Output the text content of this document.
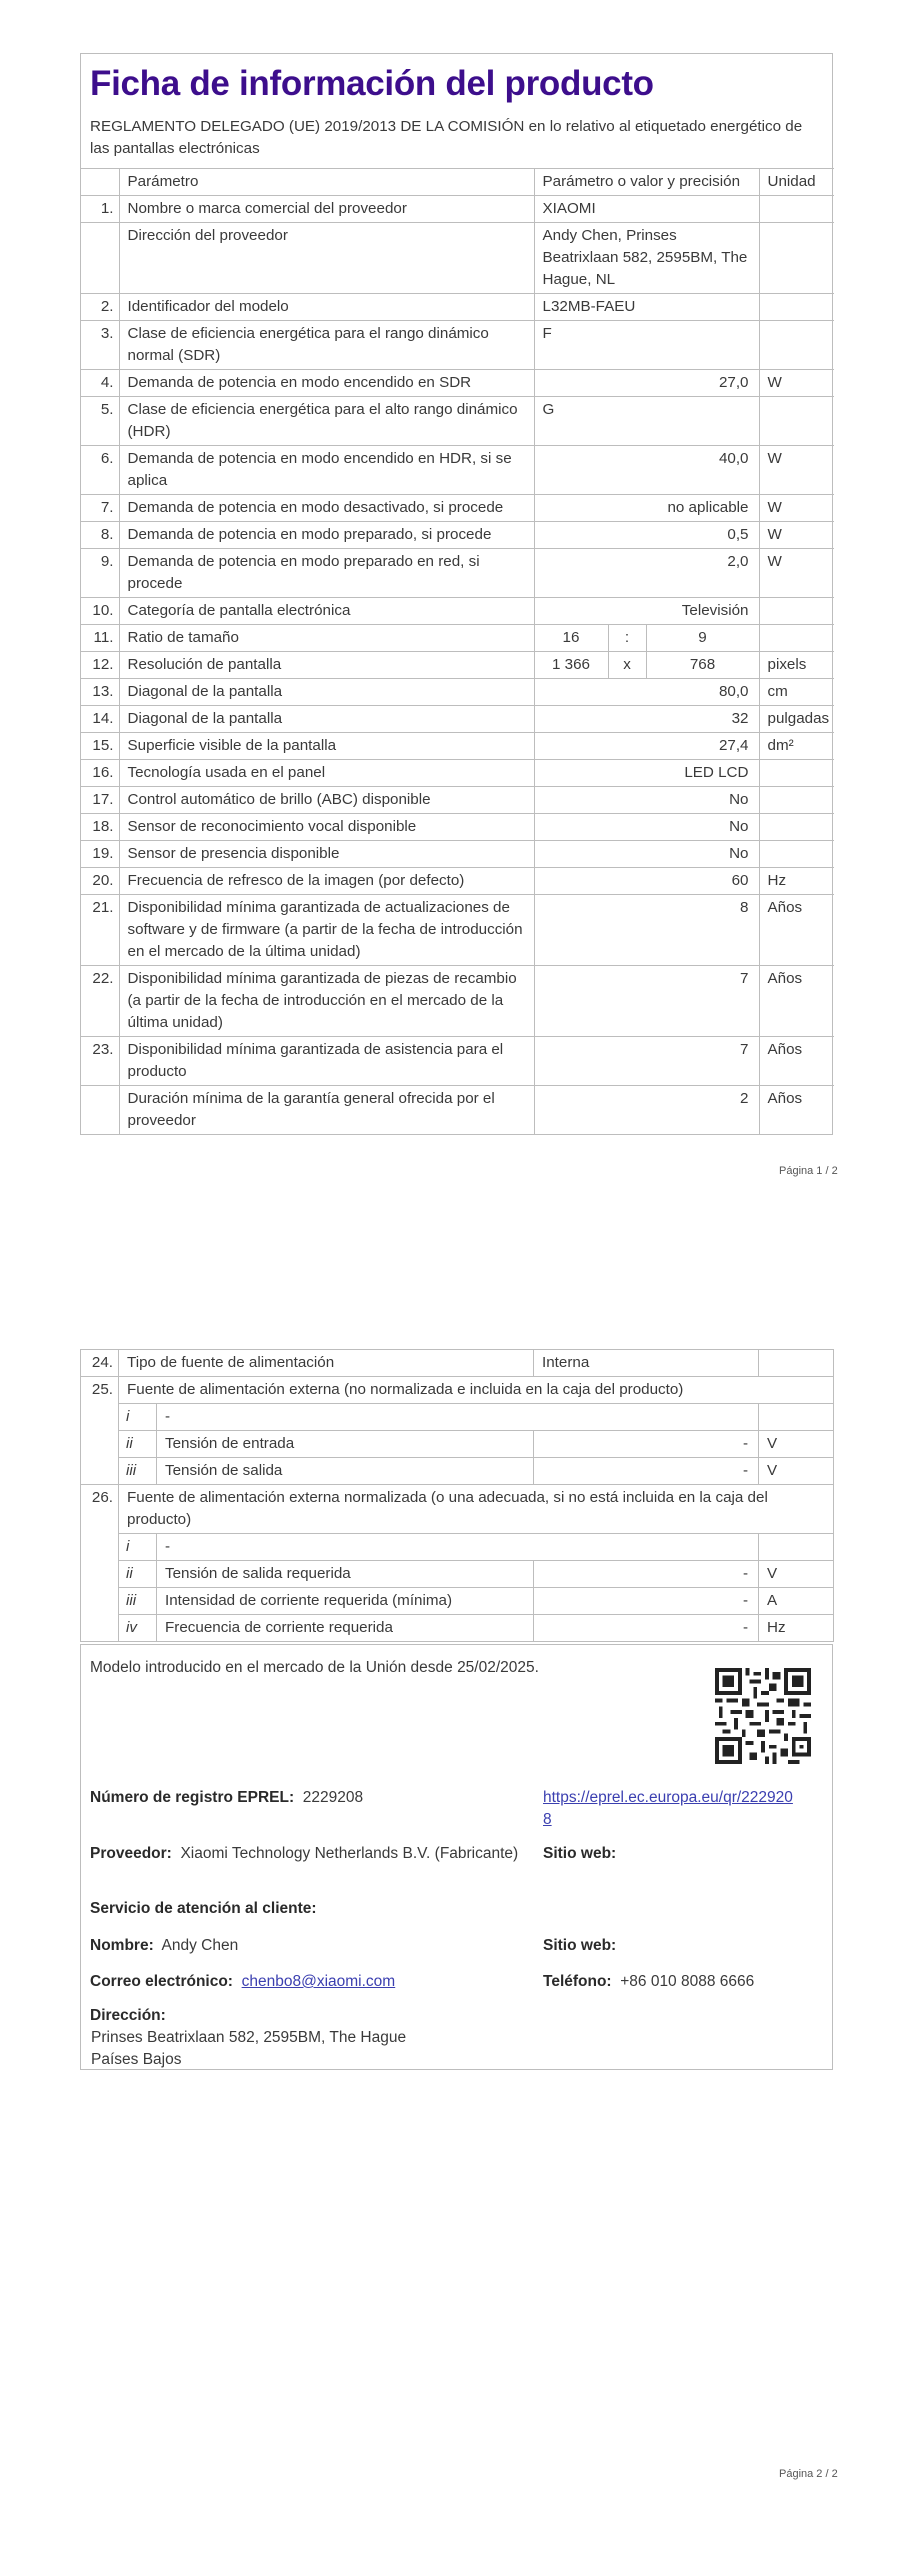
Ficha de información del producto
REGLAMENTO DELEGADO (UE) 2019/2013 DE LA COMISIÓN en lo relativo al etiquetado energético de las pantallas electrónicas
	Parámetro	Parámetro o valor y precisión			Unidad
1.	Nombre o marca comercial del proveedor	XIAOMI			
	Dirección del proveedor	Andy Chen, Prinses Beatrixlaan 582, 2595BM, The Hague, NL			
2.	Identificador del modelo	L32MB-FAEU			
3.	Clase de eficiencia energética para el rango dinámico normal (SDR)	F			
4.	Demanda de potencia en modo encendido en SDR	27,0			W
5.	Clase de eficiencia energética para el alto rango dinámico (HDR)	G			
6.	Demanda de potencia en modo encendido en HDR, si se aplica	40,0			W
7.	Demanda de potencia en modo desactivado, si procede	no aplicable			W
8.	Demanda de potencia en modo preparado, si procede	0,5			W
9.	Demanda de potencia en modo preparado en red, si procede	2,0			W
10.	Categoría de pantalla electrónica	Televisión			
11.	Ratio de tamaño	16	:	9	
12.	Resolución de pantalla	1 366	x	768	pixels
13.	Diagonal de la pantalla	80,0			cm
14.	Diagonal de la pantalla	32			pulgadas
15.	Superficie visible de la pantalla	27,4			dm²
16.	Tecnología usada en el panel	LED LCD			
17.	Control automático de brillo (ABC) disponible	No			
18.	Sensor de reconocimiento vocal disponible	No			
19.	Sensor de presencia disponible	No			
20.	Frecuencia de refresco de la imagen (por defecto)	60			Hz
21.	Disponibilidad mínima garantizada de actualizaciones de software y de firmware (a partir de la fecha de introducción en el mercado de la última unidad)	8			Años
22.	Disponibilidad mínima garantizada de piezas de recambio (a partir de la fecha de introducción en el mercado de la última unidad)	7			Años
23.	Disponibilidad mínima garantizada de asistencia para el producto	7			Años
	Duración mínima de la garantía general ofrecida por el proveedor	2			Años
Página 1 / 2
24.	Tipo de fuente de alimentación		Interna	
25.	Fuente de alimentación externa (no normalizada e incluida en la caja del producto)			
	i	-		
	ii	Tensión de entrada	-	V
	iii	Tensión de salida	-	V
26.	Fuente de alimentación externa normalizada (o una adecuada, si no está incluida en la caja del producto)			
	i	-		
	ii	Tensión de salida requerida	-	V
	iii	Intensidad de corriente requerida (mínima)	-	A
	iv	Frecuencia de corriente requerida	-	Hz
Modelo introducido en el mercado de la Unión desde 25/02/2025.
Número de registro EPREL: 2229208	https://eprel.ec.europa.eu/qr/2229208
Proveedor: Xiaomi Technology Netherlands B.V. (Fabricante)	Sitio web:
Servicio de atención al cliente:
Nombre: Andy Chen	Sitio web:
Correo electrónico: chenbo8@xiaomi.com	Teléfono: +86 010 8088 6666
Dirección:
Prinses Beatrixlaan 582, 2595BM, The Hague
Países Bajos
Página 2 / 2
